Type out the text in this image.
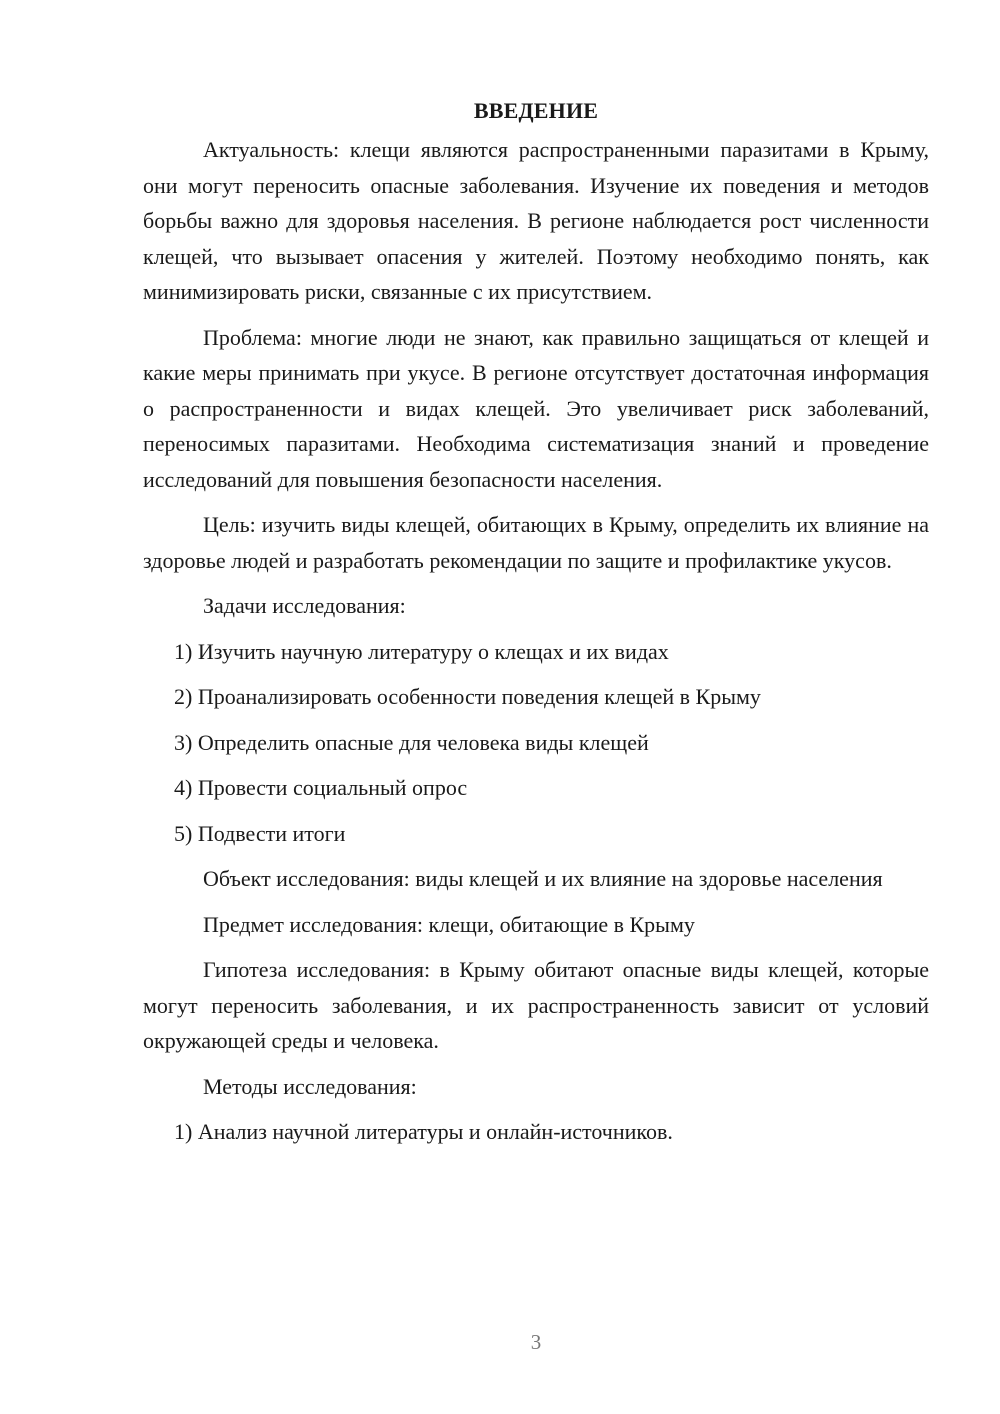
ВВЕДЕНИЕ

Актуальность: клещи являются распространенными паразитами в Крыму, они могут переносить опасные заболевания. Изучение их поведения и методов борьбы важно для здоровья населения. В регионе наблюдается рост численности клещей, что вызывает опасения у жителей. Поэтому необходимо понять, как минимизировать риски, связанные с их присутствием.

Проблема: многие люди не знают, как правильно защищаться от клещей и какие меры принимать при укусе. В регионе отсутствует достаточная информация о распространенности и видах клещей. Это увеличивает риск заболеваний, переносимых паразитами. Необходима систематизация знаний и проведение исследований для повышения безопасности населения.

Цель: изучить виды клещей, обитающих в Крыму, определить их влияние на здоровье людей и разработать рекомендации по защите и профилактике укусов.

Задачи исследования:

1) Изучить научную литературу о клещах и их видах

2) Проанализировать особенности поведения клещей в Крыму

3) Определить опасные для человека виды клещей

4) Провести социальный опрос

5) Подвести итоги

Объект исследования: виды клещей и их влияние на здоровье населения

Предмет исследования: клещи, обитающие в Крыму

Гипотеза исследования: в Крыму обитают опасные виды клещей, которые могут переносить заболевания, и их распространенность зависит от условий окружающей среды и человека.

Методы исследования:

1) Анализ научной литературы и онлайн-источников.

3
